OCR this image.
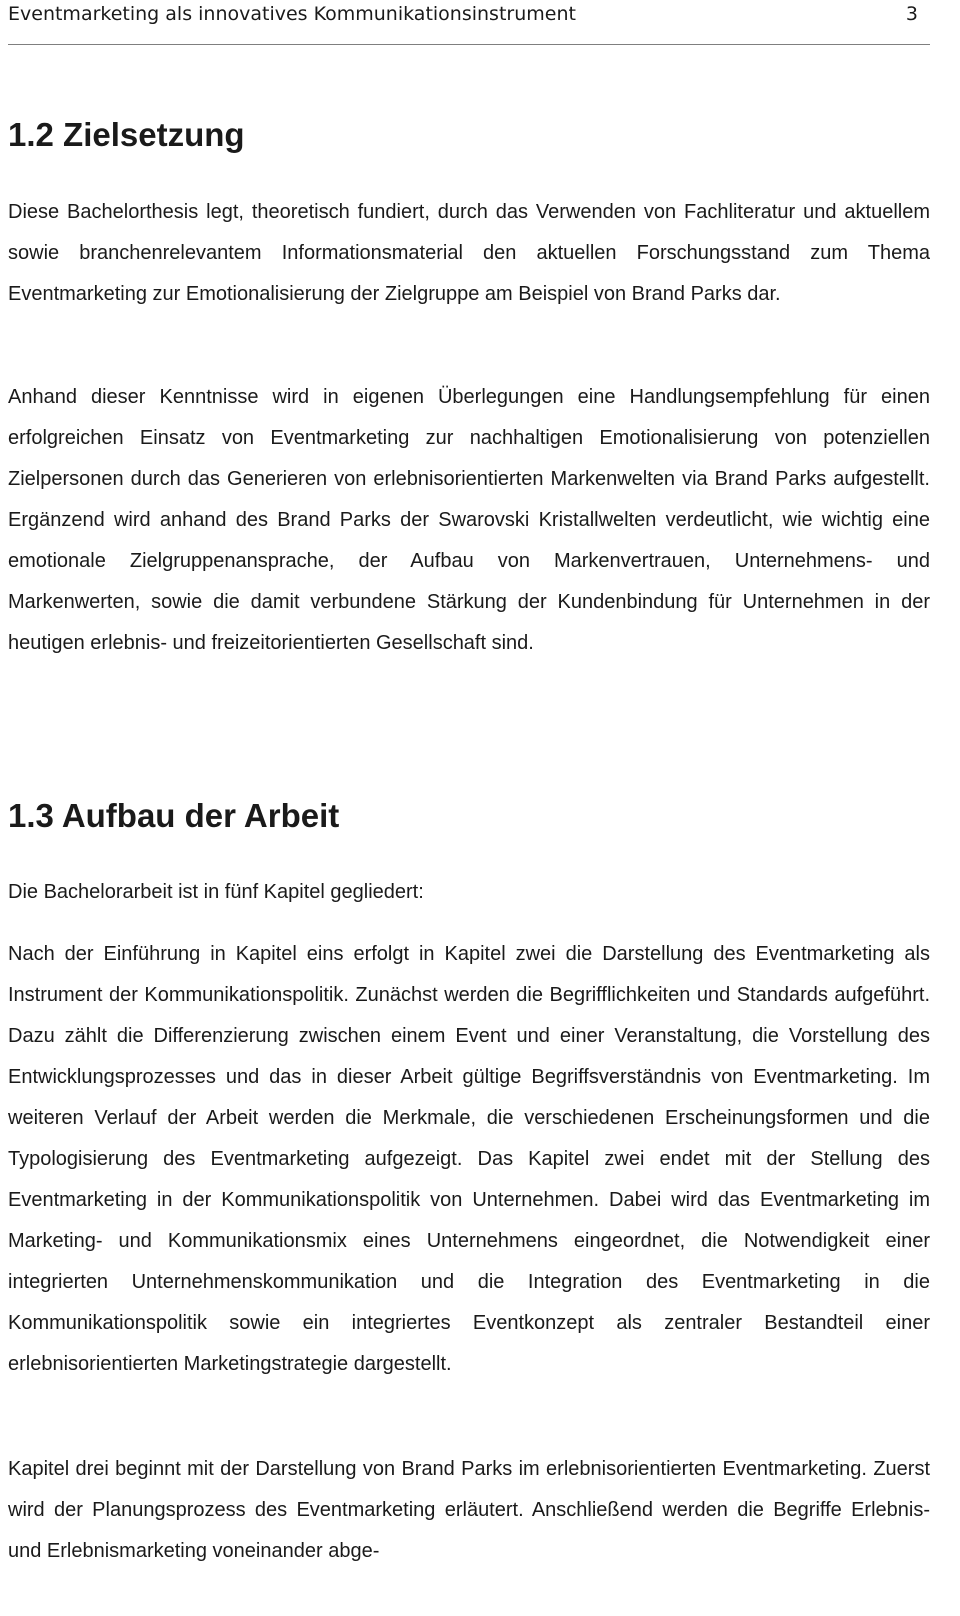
Eventmarketing als innovatives Kommunikationsinstrument	3
1.2 Zielsetzung

Diese Bachelorthesis legt, theoretisch fundiert, durch das Verwenden von Fachliteratur und aktuellem sowie branchenrelevantem Informationsmaterial den aktuellen Forschungsstand zum Thema Eventmarketing zur Emotionalisierung der Zielgruppe am Beispiel von Brand Parks dar.

Anhand dieser Kenntnisse wird in eigenen Überlegungen eine Handlungsempfehlung für einen erfolgreichen Einsatz von Eventmarketing zur nachhaltigen Emotionalisierung von potenziellen Zielpersonen durch das Generieren von erlebnisorientierten Markenwelten via Brand Parks aufgestellt. Ergänzend wird anhand des Brand Parks der Swarovski Kristallwelten verdeutlicht, wie wichtig eine emotionale Zielgruppenansprache, der Aufbau von Markenvertrauen, Unternehmens- und Markenwerten, sowie die damit verbundene Stärkung der Kundenbindung für Unternehmen in der heutigen erlebnis- und freizeitorientierten Gesellschaft sind.

1.3 Aufbau der Arbeit

Die Bachelorarbeit ist in fünf Kapitel gegliedert:

Nach der Einführung in Kapitel eins erfolgt in Kapitel zwei die Darstellung des Eventmarketing als Instrument der Kommunikationspolitik. Zunächst werden die Begrifflichkeiten und Standards aufgeführt. Dazu zählt die Differenzierung zwischen einem Event und einer Veranstaltung, die Vorstellung des Entwicklungsprozesses und das in dieser Arbeit gültige Begriffsverständnis von Eventmarketing. Im weiteren Verlauf der Arbeit werden die Merkmale, die verschiedenen Erscheinungsformen und die Typologisierung des Eventmarketing aufgezeigt. Das Kapitel zwei endet mit der Stellung des Eventmarketing in der Kommunikationspolitik von Unternehmen. Dabei wird das Eventmarketing im Marketing- und Kommunikationsmix eines Unternehmens eingeordnet, die Notwendigkeit einer integrierten Unternehmenskommunikation und die Integration des Eventmarketing in die Kommunikationspolitik sowie ein integriertes Eventkonzept als zentraler Bestandteil einer erlebnisorientierten Marketingstrategie dargestellt.

Kapitel drei beginnt mit der Darstellung von Brand Parks im erlebnisorientierten Eventmarketing. Zuerst wird der Planungsprozess des Eventmarketing erläutert. Anschließend werden die Begriffe Erlebnis- und Erlebnismarketing voneinander abge-
